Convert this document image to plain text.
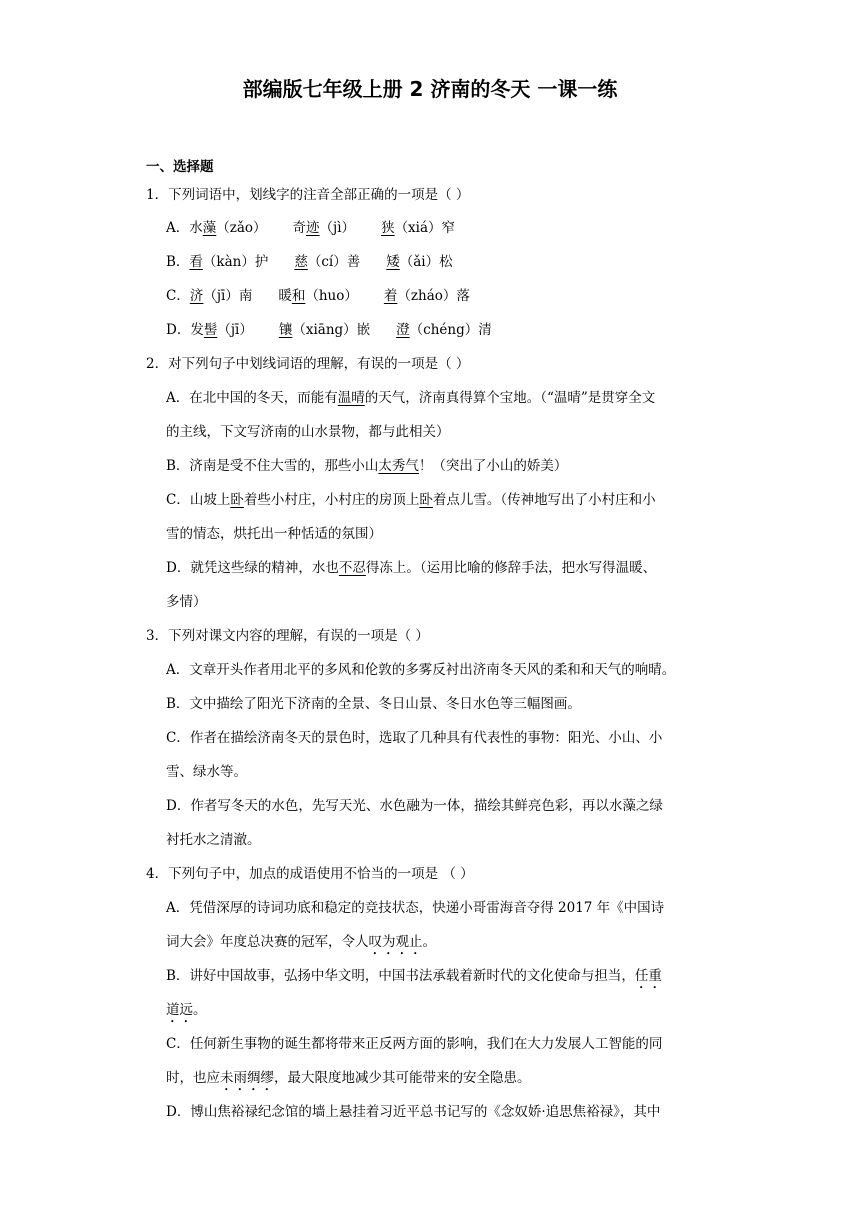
部编版七年级上册 2 济南的冬天 一课一练
一、选择题
1．下列词语中，划线字的注音全部正确的一项是（ ）
A．水藻（zǎo） 奇迹（jì） 狭（xiá）窄
B．看（kàn）护 慈（cí）善 矮（ǎi）松
C．济（jī）南 暖和（huo） 着（zháo）落
D．发髻（jī） 镶（xiāng）嵌 澄（chéng）清
2．对下列句子中划线词语的理解，有误的一项是（ ）
A．在北中国的冬天，而能有温晴的天气，济南真得算个宝地。（“温晴”是贯穿全文
的主线，下文写济南的山水景物，都与此相关）
B．济南是受不住大雪的，那些小山太秀气！（突出了小山的娇美）
C．山坡上卧着些小村庄，小村庄的房顶上卧着点儿雪。（传神地写出了小村庄和小
雪的情态，烘托出一种恬适的氛围）
D．就凭这些绿的精神，水也不忍得冻上。（运用比喻的修辞手法，把水写得温暖、
多情）
3．下列对课文内容的理解，有误的一项是（ ）
A．文章开头作者用北平的多风和伦敦的多雾反衬出济南冬天风的柔和和天气的响晴。
B．文中描绘了阳光下济南的全景、冬日山景、冬日水色等三幅图画。
C．作者在描绘济南冬天的景色时，选取了几种具有代表性的事物：阳光、小山、小
雪、绿水等。
D．作者写冬天的水色，先写天光、水色融为一体，描绘其鲜亮色彩，再以水藻之绿
衬托水之清澈。
4．下列句子中，加点的成语使用不恰当的一项是 （ ）
A．凭借深厚的诗词功底和稳定的竞技状态，快递小哥雷海音夺得 2017 年《中国诗
词大会》年度总决赛的冠军，令人叹为观止。
B．讲好中国故事，弘扬中华文明，中国书法承载着新时代的文化使命与担当，任重
道远。
C．任何新生事物的诞生都将带来正反两方面的影响，我们在大力发展人工智能的同
时，也应未雨绸缪，最大限度地减少其可能带来的安全隐患。
D．博山焦裕禄纪念馆的墙上悬挂着习近平总书记写的《念奴娇·追思焦裕禄》，其中
